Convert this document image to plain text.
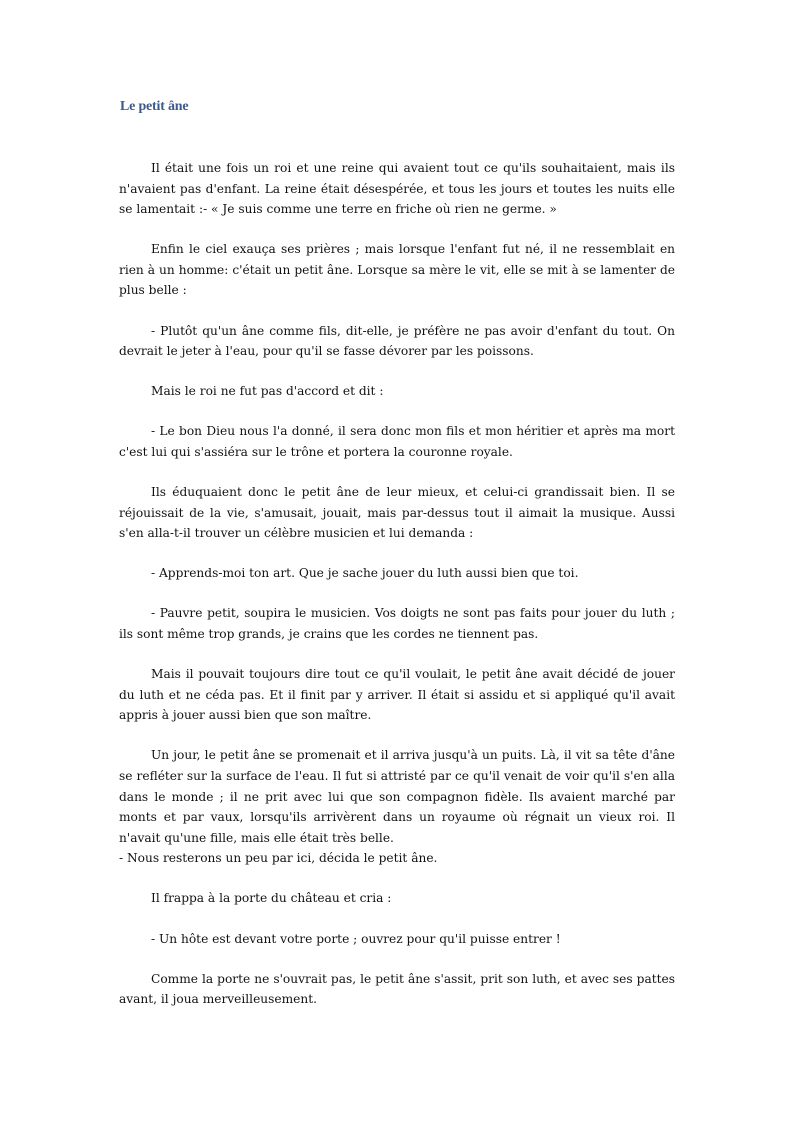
Le petit âne

Il était une fois un roi et une reine qui avaient tout ce qu'ils souhaitaient, mais ils n'avaient pas d'enfant. La reine était désespérée, et tous les jours et toutes les nuits elle se lamentait :- « Je suis comme une terre en friche où rien ne germe. »

Enfin le ciel exauça ses prières ; mais lorsque l'enfant fut né, il ne ressemblait en rien à un homme: c'était un petit âne. Lorsque sa mère le vit, elle se mit à se lamenter de plus belle :

- Plutôt qu'un âne comme fils, dit-elle, je préfère ne pas avoir d'enfant du tout. On devrait le jeter à l'eau, pour qu'il se fasse dévorer par les poissons.

Mais le roi ne fut pas d'accord et dit :

- Le bon Dieu nous l'a donné, il sera donc mon fils et mon héritier et après ma mort c'est lui qui s'assiéra sur le trône et portera la couronne royale.

Ils éduquaient donc le petit âne de leur mieux, et celui-ci grandissait bien. Il se réjouissait de la vie, s'amusait, jouait, mais par-dessus tout il aimait la musique. Aussi s'en alla-t-il trouver un célèbre musicien et lui demanda :

- Apprends-moi ton art. Que je sache jouer du luth aussi bien que toi.

- Pauvre petit, soupira le musicien. Vos doigts ne sont pas faits pour jouer du luth ; ils sont même trop grands, je crains que les cordes ne tiennent pas.

Mais il pouvait toujours dire tout ce qu'il voulait, le petit âne avait décidé de jouer du luth et ne céda pas. Et il finit par y arriver. Il était si assidu et si appliqué qu'il avait appris à jouer aussi bien que son maître.

Un jour, le petit âne se promenait et il arriva jusqu'à un puits. Là, il vit sa tête d'âne se refléter sur la surface de l'eau. Il fut si attristé par ce qu'il venait de voir qu'il s'en alla dans le monde ; il ne prit avec lui que son compagnon fidèle. Ils avaient marché par monts et par vaux, lorsqu'ils arrivèrent dans un royaume où régnait un vieux roi. Il n'avait qu'une fille, mais elle était très belle.

- Nous resterons un peu par ici, décida le petit âne.

Il frappa à la porte du château et cria :

- Un hôte est devant votre porte ; ouvrez pour qu'il puisse entrer !

Comme la porte ne s'ouvrait pas, le petit âne s'assit, prit son luth, et avec ses pattes avant, il joua merveilleusement.
